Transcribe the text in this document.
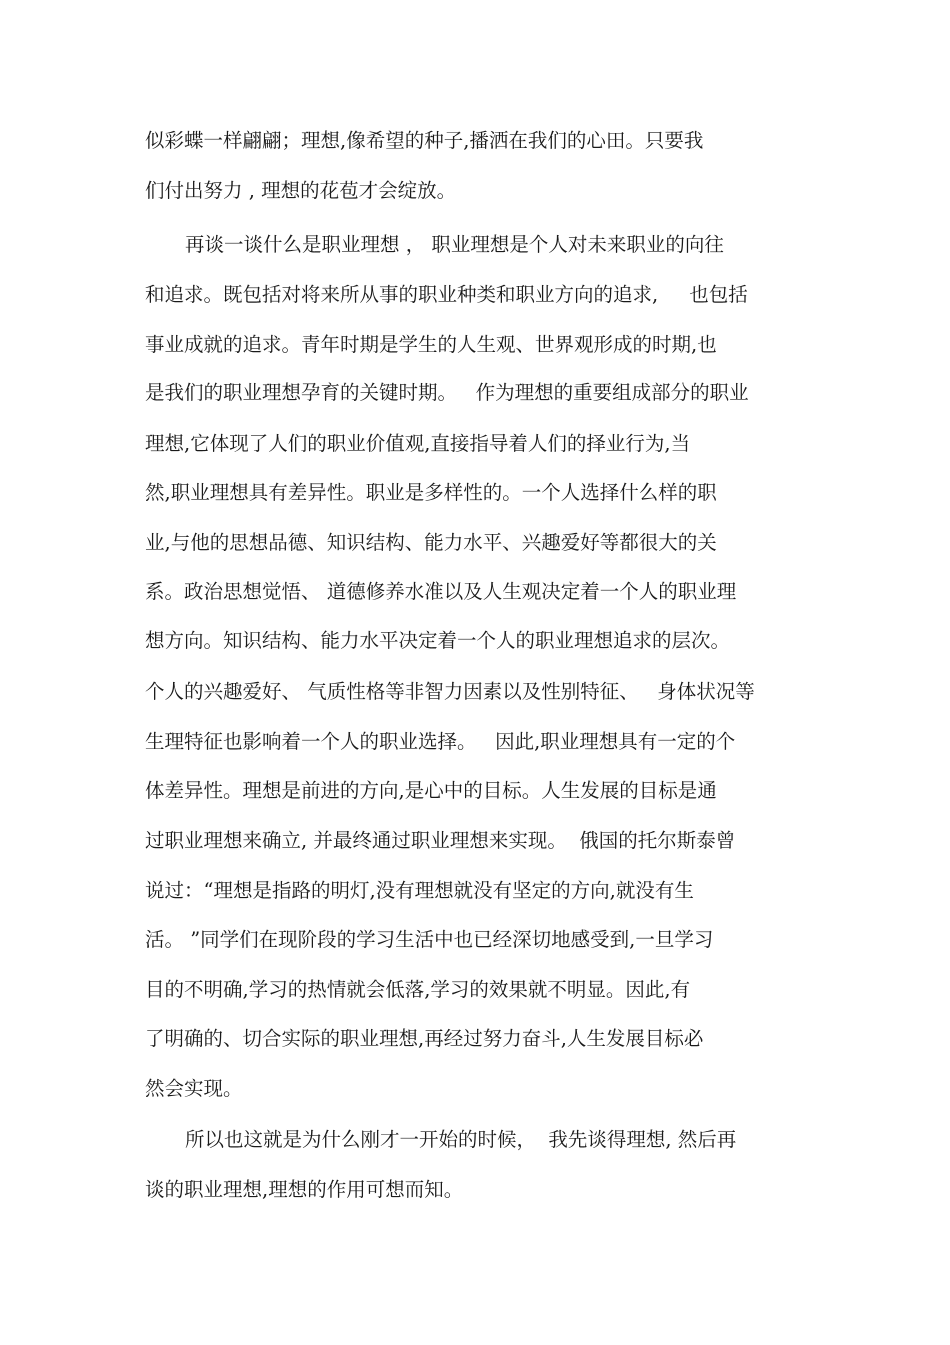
似彩蝶一样翩翩；理想,像希望的种子,播洒在我们的心田。只要我

们付出努力 , 理想的花苞才会绽放。

再谈一谈什么是职业理想 ， 职业理想是个人对未来职业的向往

和追求。既包括对将来所从事的职业种类和职业方向的追求,     也包括

事业成就的追求。青年时期是学生的人生观、世界观形成的时期,也

是我们的职业理想孕育的关键时期。   作为理想的重要组成部分的职业

理想,它体现了人们的职业价值观,直接指导着人们的择业行为,当

然,职业理想具有差异性。职业是多样性的。一个人选择什么样的职

业,与他的思想品德、知识结构、能力水平、兴趣爱好等都很大的关

系。政治思想觉悟、 道德修养水准以及人生观决定着一个人的职业理

想方向。知识结构、能力水平决定着一个人的职业理想追求的层次。

个人的兴趣爱好、 气质性格等非智力因素以及性别特征、   身体状况等

生理特征也影响着一个人的职业选择。   因此,职业理想具有一定的个

体差异性。理想是前进的方向,是心中的目标。人生发展的目标是通

过职业理想来确立, 并最终通过职业理想来实现。  俄国的托尔斯泰曾

说过：“理想是指路的明灯,没有理想就没有坚定的方向,就没有生

活。 ”同学们在现阶段的学习生活中也已经深切地感受到,一旦学习

目的不明确,学习的热情就会低落,学习的效果就不明显。因此,有

了明确的、切合实际的职业理想,再经过努力奋斗,人生发展目标必

然会实现。

所以也这就是为什么刚才一开始的时候，  我先谈得理想, 然后再

谈的职业理想,理想的作用可想而知。
